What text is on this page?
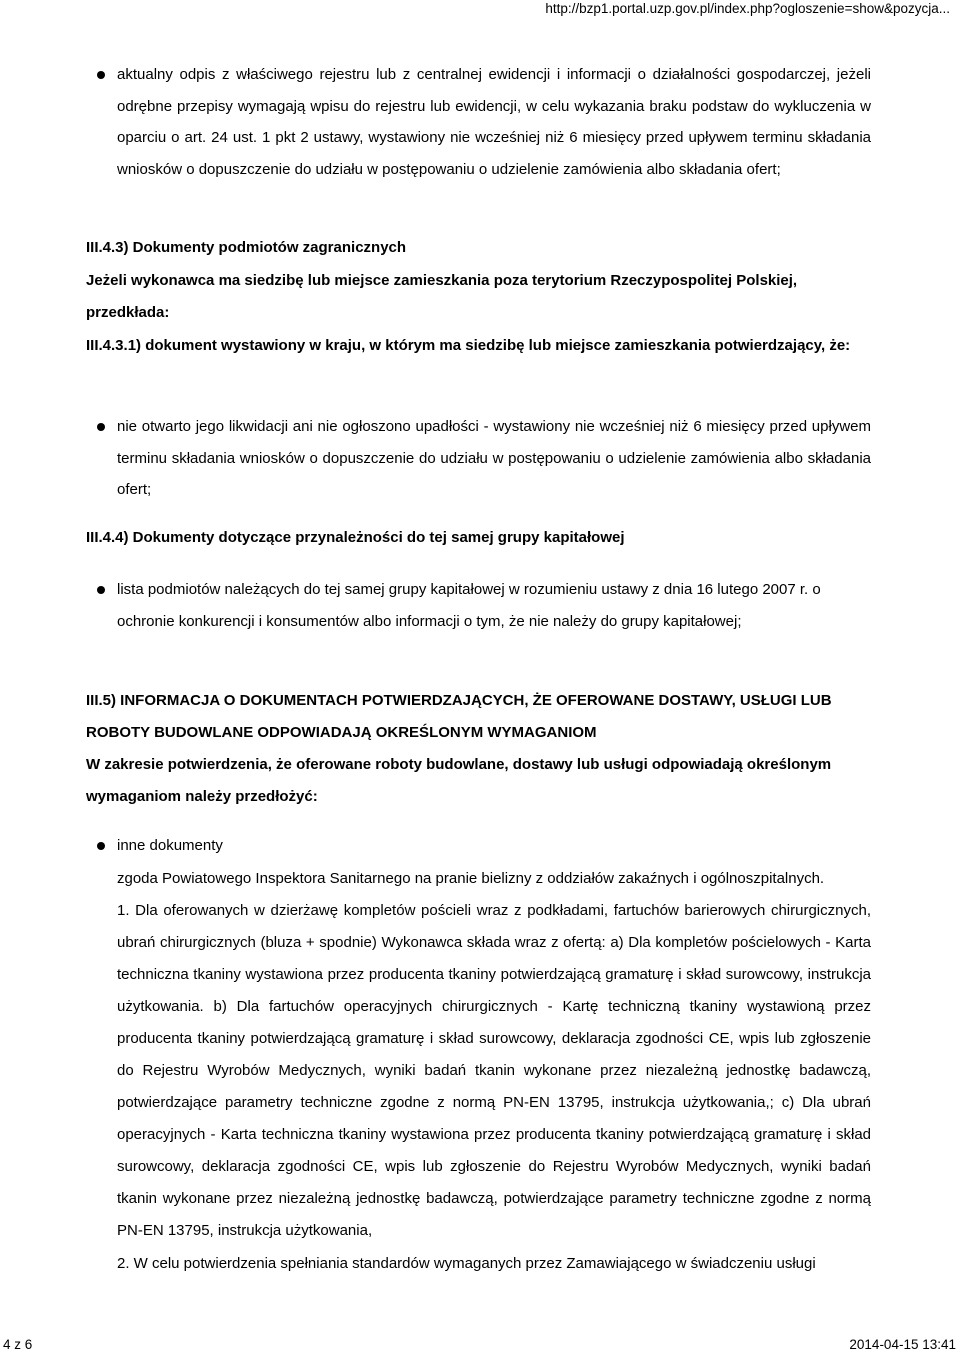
http://bzp1.portal.uzp.gov.pl/index.php?ogloszenie=show&pozycja...
aktualny odpis z właściwego rejestru lub z centralnej ewidencji i informacji o działalności gospodarczej, jeżeli odrębne przepisy wymagają wpisu do rejestru lub ewidencji, w celu wykazania braku podstaw do wykluczenia w oparciu o art. 24 ust. 1 pkt 2 ustawy, wystawiony nie wcześniej niż 6 miesięcy przed upływem terminu składania wniosków o dopuszczenie do udziału w postępowaniu o udzielenie zamówienia albo składania ofert;
III.4.3) Dokumenty podmiotów zagranicznych
Jeżeli wykonawca ma siedzibę lub miejsce zamieszkania poza terytorium Rzeczypospolitej Polskiej, przedkłada:
III.4.3.1) dokument wystawiony w kraju, w którym ma siedzibę lub miejsce zamieszkania potwierdzający, że:
nie otwarto jego likwidacji ani nie ogłoszono upadłości - wystawiony nie wcześniej niż 6 miesięcy przed upływem terminu składania wniosków o dopuszczenie do udziału w postępowaniu o udzielenie zamówienia albo składania ofert;
III.4.4) Dokumenty dotyczące przynależności do tej samej grupy kapitałowej
lista podmiotów należących do tej samej grupy kapitałowej w rozumieniu ustawy z dnia 16 lutego 2007 r. o ochronie konkurencji i konsumentów albo informacji o tym, że nie należy do grupy kapitałowej;
III.5) INFORMACJA O DOKUMENTACH POTWIERDZAJĄCYCH, ŻE OFEROWANE DOSTAWY, USŁUGI LUB ROBOTY BUDOWLANE ODPOWIADAJĄ OKREŚLONYM WYMAGANIOM
W zakresie potwierdzenia, że oferowane roboty budowlane, dostawy lub usługi odpowiadają określonym wymaganiom należy przedłożyć:
inne dokumenty

zgoda Powiatowego Inspektora Sanitarnego na pranie bielizny z oddziałów zakaźnych i ogólnoszpitalnych.

1. Dla oferowanych w dzierżawę kompletów pościeli wraz z podkładami, fartuchów barierowych chirurgicznych, ubrań chirurgicznych (bluza + spodnie) Wykonawca składa wraz z ofertą: a) Dla kompletów pościelowych - Karta techniczna tkaniny wystawiona przez producenta tkaniny potwierdzającą gramaturę i skład surowcowy, instrukcja użytkowania. b) Dla fartuchów operacyjnych chirurgicznych - Kartę techniczną tkaniny wystawioną przez producenta tkaniny potwierdzającą gramaturę i skład surowcowy, deklaracja zgodności CE, wpis lub zgłoszenie do Rejestru Wyrobów Medycznych, wyniki badań tkanin wykonane przez niezależną jednostkę badawczą, potwierdzające parametry techniczne zgodne z normą PN-EN 13795, instrukcja użytkowania,; c) Dla ubrań operacyjnych - Karta techniczna tkaniny wystawiona przez producenta tkaniny potwierdzającą gramaturę i skład surowcowy, deklaracja zgodności CE, wpis lub zgłoszenie do Rejestru Wyrobów Medycznych, wyniki badań tkanin wykonane przez niezależną jednostkę badawczą, potwierdzające parametry techniczne zgodne z normą PN-EN 13795, instrukcja użytkowania,

2. W celu potwierdzenia spełniania standardów wymaganych przez Zamawiającego w świadczeniu usługi

4 z 6	2014-04-15 13:41
